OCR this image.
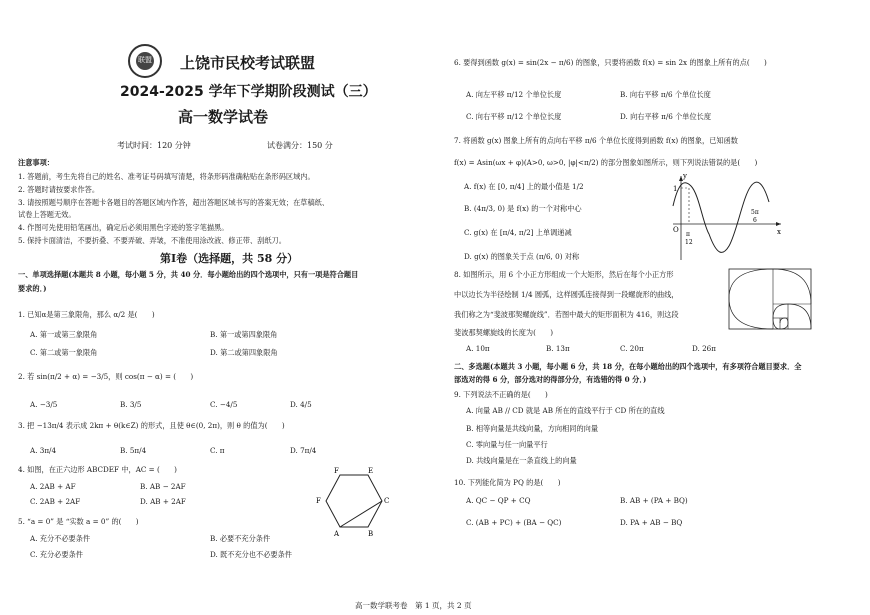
联盟	上饶市民校考试联盟
2024-2025 学年下学期阶段测试（三）
高一数学试卷
考试时间：120 分钟	试卷满分：150 分
注意事项：
1. 答题前，考生先将自己的姓名、准考证号码填写清楚，将条形码准确粘贴在条形码区域内。
2. 答题时请按要求作答。
3. 请按照题号顺序在答题卡各题目的答题区域内作答，超出答题区域书写的答案无效；在草稿纸、
试卷上答题无效。
4. 作图可先使用铅笔画出，确定后必须用黑色字迹的签字笔描黑。
5. 保持卡面清洁，不要折叠、不要弄破、弄皱，不准使用涂改液、修正带、刮纸刀。
第Ⅰ卷（选择题，共 58 分）
一、单项选择题(本题共 8 小题，每小题 5 分，共 40 分．每小题给出的四个选项中，只有一项是符合题目
要求的．)
1. 已知α是第三象限角，那么 α/2 是(　　)
A. 第一或第三象限角	B. 第一或第四象限角
C. 第二或第一象限角	D. 第二或第四象限角
2. 若 sin(π/2 + α) = −3/5，则 cos(π − α) = (　　)
A. −3/5	B. 3/5	C. −4/5	D. 4/5
3. 把 −13π/4 表示成 2kπ + θ(k∈Z) 的形式，且使 θ∈(0, 2π)，则 θ 的值为(　　)
A. 3π/4	B. 5π/4	C. π	D. 7π/4
4. 如图，在正六边形 ABCDEF 中，AC = (　　)
A. 2AB + AF	B. AB − 2AF
C. 2AB + 2AF	D. AB + 2AF
F	E
C
F
B
A
5. “a = 0” 是 “实数 a = 0” 的(　　)
A. 充分不必要条件	B. 必要不充分条件
C. 充分必要条件	D. 既不充分也不必要条件
6. 要得到函数 g(x) = sin(2x − π/6) 的图象，只要将函数 f(x) = sin 2x 的图象上所有的点(　　)
A. 向左平移 π/12 个单位长度	B. 向右平移 π/6 个单位长度
C. 向右平移 π/12 个单位长度	D. 向右平移 π/6 个单位长度
7. 将函数 g(x) 图象上所有的点向右平移 π/6 个单位长度得到函数 f(x) 的图象，已知函数
f(x) = Asin(ωx + φ)(A>0, ω>0, |φ|<π/2) 的部分图象如图所示，则下列说法错误的是(　　)
A. f(x) 在 [0, π/4] 上的最小值是 1/2
B. (4π/3, 0) 是 f(x) 的一个对称中心
C. g(x) 在 [π/4, π/2] 上单调递减
D. g(x) 的图象关于点 (π/6, 0) 对称
y
1
O
π
12
5π
6
x
8. 如图所示，用 6 个小正方形组成一个大矩形，然后在每个小正方形
中以边长为半径绘制 1/4 圆弧，这样圆弧连接得到一段螺旋形的曲线，
我们称之为“斐波那契螺旋线”．若图中最大的矩形面积为 416，则这段
斐波那契螺旋线的长度为(　　)
A. 10π	B. 13π	C. 20π	D. 26π
二、多选题(本题共 3 小题，每小题 6 分，共 18 分，在每小题给出的四个选项中，有多项符合题目要求．全
部选对的得 6 分，部分选对的得部分分，有选错的得 0 分．)
9. 下列说法不正确的是(　　)
A. 向量 AB // CD 就是 AB 所在的直线平行于 CD 所在的直线
B. 相等向量是共线向量，方向相同的向量
C. 零向量与任一向量平行
D. 共线向量是在一条直线上的向量
10. 下列能化简为 PQ 的是(　　)
A. QC − QP + CQ	B. AB + (PA + BQ)
C. (AB + PC) + (BA − QC)	D. PA + AB − BQ
高一数学联考卷　第 1 页，共 2 页
